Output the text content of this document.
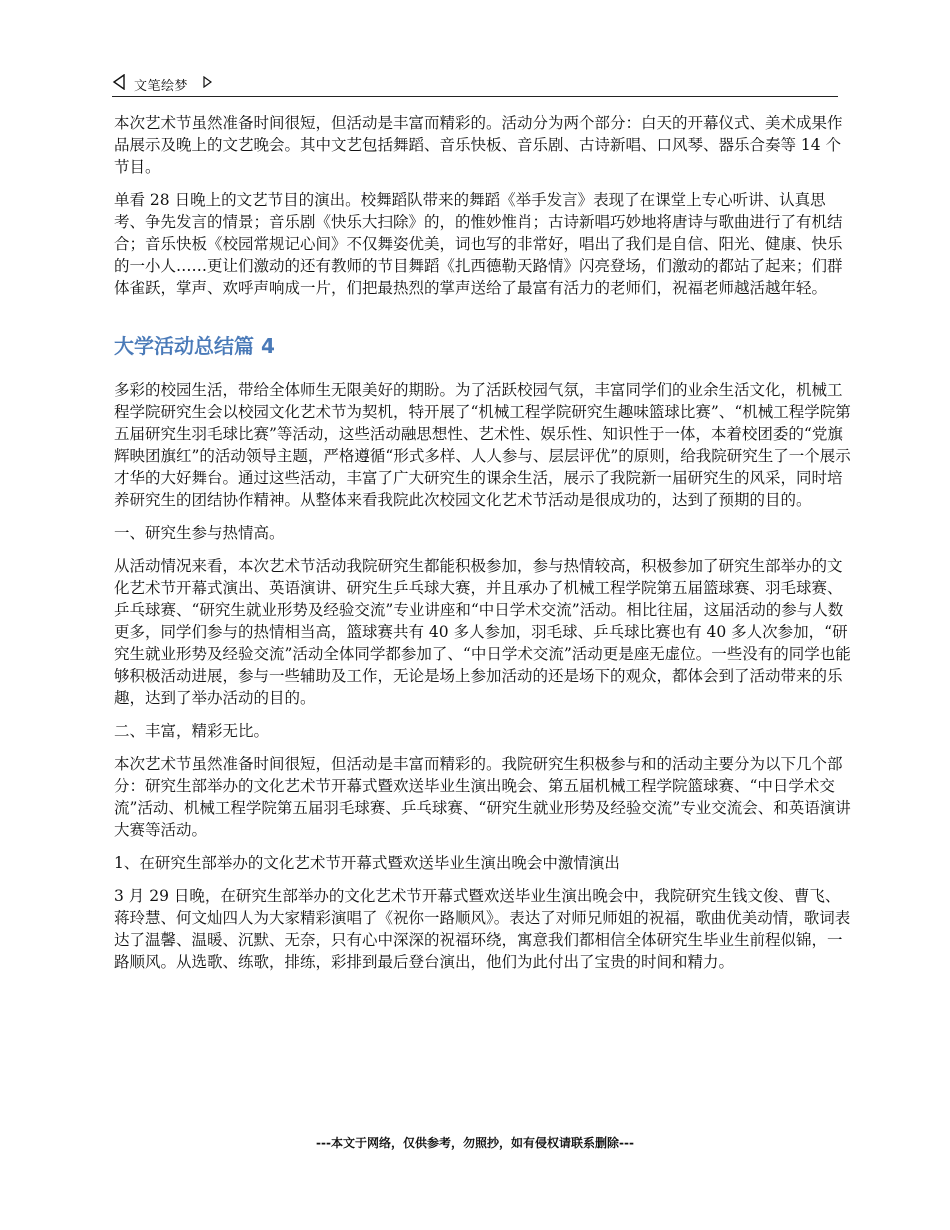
文笔绘梦

本次艺术节虽然准备时间很短，但活动是丰富而精彩的。活动分为两个部分：白天的开幕仪式、美术成果作品展示及晚上的文艺晚会。其中文艺包括舞蹈、音乐快板、音乐剧、古诗新唱、口风琴、器乐合奏等 14 个节目。

单看 28 日晚上的文艺节目的演出。校舞蹈队带来的舞蹈《举手发言》表现了在课堂上专心听讲、认真思考、争先发言的情景；音乐剧《快乐大扫除》的，的惟妙惟肖；古诗新唱巧妙地将唐诗与歌曲进行了有机结合；音乐快板《校园常规记心间》不仅舞姿优美，词也写的非常好，唱出了我们是自信、阳光、健康、快乐的一小人……更让们激动的还有教师的节目舞蹈《扎西德勒天路情》闪亮登场，们激动的都站了起来；们群体雀跃，掌声、欢呼声响成一片，们把最热烈的掌声送给了最富有活力的老师们，祝福老师越活越年轻。

大学活动总结篇 4

多彩的校园生活，带给全体师生无限美好的期盼。为了活跃校园气氛，丰富同学们的业余生活文化，机械工程学院研究生会以校园文化艺术节为契机，特开展了“机械工程学院研究生趣味篮球比赛”、“机械工程学院第五届研究生羽毛球比赛”等活动，这些活动融思想性、艺术性、娱乐性、知识性于一体，本着校团委的“党旗辉映团旗红”的活动领导主题，严格遵循“形式多样、人人参与、层层评优”的原则，给我院研究生了一个展示才华的大好舞台。通过这些活动，丰富了广大研究生的课余生活，展示了我院新一届研究生的风采，同时培养研究生的团结协作精神。从整体来看我院此次校园文化艺术节活动是很成功的，达到了预期的目的。

一、研究生参与热情高。

从活动情况来看，本次艺术节活动我院研究生都能积极参加，参与热情较高，积极参加了研究生部举办的文化艺术节开幕式演出、英语演讲、研究生乒乓球大赛，并且承办了机械工程学院第五届篮球赛、羽毛球赛、乒乓球赛、“研究生就业形势及经验交流”专业讲座和“中日学术交流”活动。相比往届，这届活动的参与人数更多，同学们参与的热情相当高，篮球赛共有 40 多人参加，羽毛球、乒乓球比赛也有 40 多人次参加，“研究生就业形势及经验交流”活动全体同学都参加了、“中日学术交流”活动更是座无虚位。一些没有的同学也能够积极活动进展，参与一些辅助及工作，无论是场上参加活动的还是场下的观众，都体会到了活动带来的乐趣，达到了举办活动的目的。

二、丰富，精彩无比。

本次艺术节虽然准备时间很短，但活动是丰富而精彩的。我院研究生积极参与和的活动主要分为以下几个部分：研究生部举办的文化艺术节开幕式暨欢送毕业生演出晚会、第五届机械工程学院篮球赛、“中日学术交流”活动、机械工程学院第五届羽毛球赛、乒乓球赛、“研究生就业形势及经验交流”专业交流会、和英语演讲大赛等活动。

1、在研究生部举办的文化艺术节开幕式暨欢送毕业生演出晚会中激情演出

3 月 29 日晚，在研究生部举办的文化艺术节开幕式暨欢送毕业生演出晚会中，我院研究生钱文俊、曹飞、蒋玲慧、何文灿四人为大家精彩演唱了《祝你一路顺风》。表达了对师兄师姐的祝福，歌曲优美动情，歌词表达了温馨、温暖、沉默、无奈，只有心中深深的祝福环绕，寓意我们都相信全体研究生毕业生前程似锦，一路顺风。从选歌、练歌，排练，彩排到最后登台演出，他们为此付出了宝贵的时间和精力。

---本文于网络，仅供参考，勿照抄，如有侵权请联系删除---
